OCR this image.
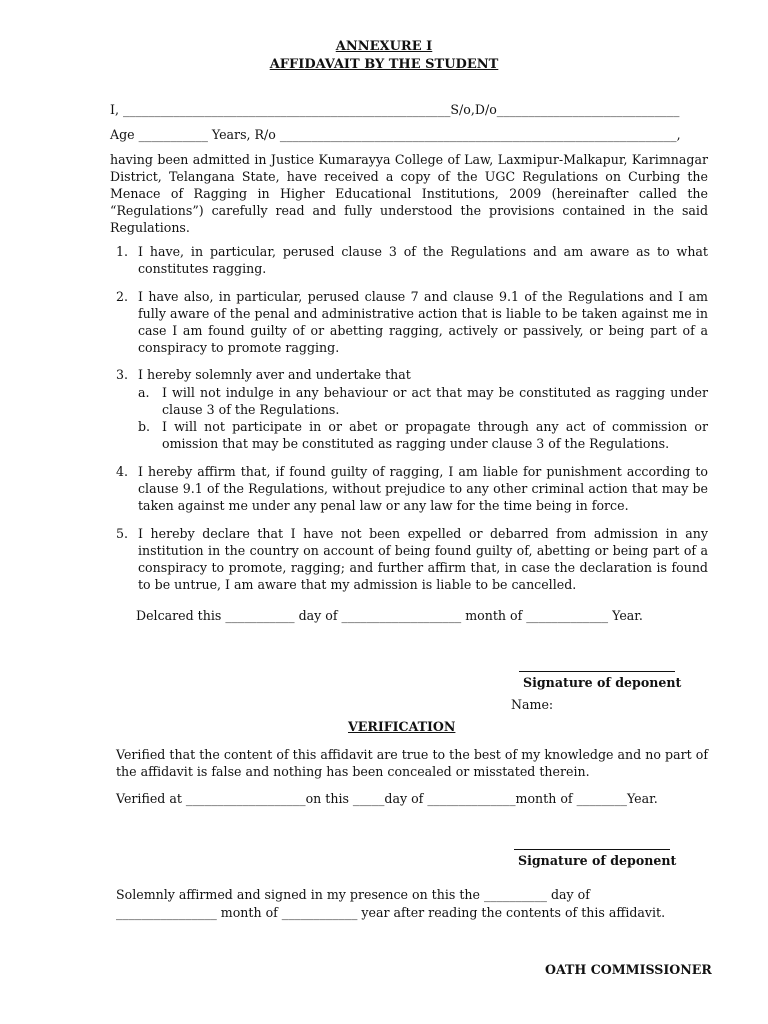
ANNEXURE I
AFFIDAVAIT BY THE STUDENT
I, ____________________________________________________S/o,D/o_____________________________
Age ___________ Years, R/o _______________________________________________________________,
having been admitted in Justice Kumarayya College of Law, Laxmipur-Malkapur, Karimnagar District, Telangana State, have received a copy of the UGC Regulations on Curbing the Menace of Ragging in Higher Educational Institutions, 2009 (hereinafter called the “Regulations”) carefully read and fully understood the provisions contained in the said Regulations.
1. I have, in particular, perused clause 3 of the Regulations and am aware as to what constitutes ragging.
2. I have also, in particular, perused clause 7 and clause 9.1 of the Regulations and I am fully aware of the penal and administrative action that is liable to be taken against me in case I am found guilty of or abetting ragging, actively or passively, or being part of a conspiracy to promote ragging.
3. I hereby solemnly aver and undertake that
a. I will not indulge in any behaviour or act that may be constituted as ragging under clause 3 of the Regulations.
b. I will not participate in or abet or propagate through any act of commission or omission that may be constituted as ragging under clause 3 of the Regulations.
4. I hereby affirm that, if found guilty of ragging, I am liable for punishment according to clause 9.1 of the Regulations, without prejudice to any other criminal action that may be taken against me under any penal law or any law for the time being in force.
5. I hereby declare that I have not been expelled or debarred from admission in any institution in the country on account of being found guilty of, abetting or being part of a conspiracy to promote, ragging; and further affirm that, in case the declaration is found to be untrue, I am aware that my admission is liable to be cancelled.
Delcared this ___________ day of ___________________ month of _____________ Year.
Signature of deponent
Name:
VERIFICATION
Verified that the content of this affidavit are true to the best of my knowledge and no part of the affidavit is false and nothing has been concealed or misstated therein.
Verified at ___________________on this _____day of ______________month of ________Year.
Signature of deponent
Solemnly affirmed and signed in my presence on this the __________ day of
________________ month of ____________ year after reading the contents of this affidavit.
OATH COMMISSIONER
